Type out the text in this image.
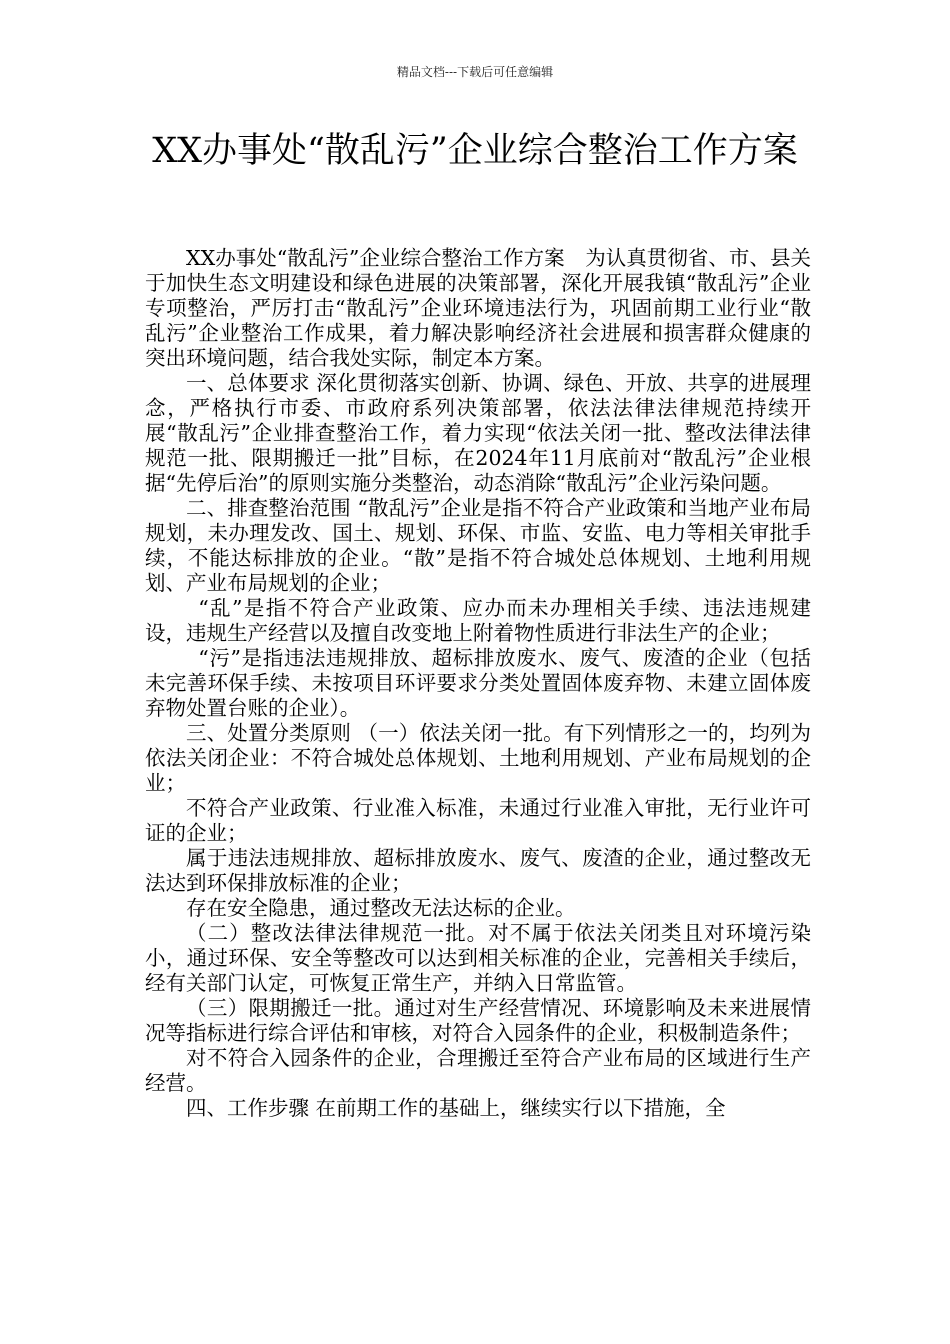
精品文档---下载后可任意编辑
XX办事处“散乱污”企业综合整治工作方案

XX办事处“散乱污”企业综合整治工作方案　为认真贯彻省、市、县关于加快生态文明建设和绿色进展的决策部署，深化开展我镇“散乱污”企业专项整治，严厉打击“散乱污”企业环境违法行为，巩固前期工业行业“散乱污”企业整治工作成果，着力解决影响经济社会进展和损害群众健康的突出环境问题，结合我处实际，制定本方案。

一、总体要求 深化贯彻落实创新、协调、绿色、开放、共享的进展理念，严格执行市委、市政府系列决策部署，依法法律法律规范持续开展“散乱污”企业排查整治工作，着力实现“依法关闭一批、整改法律法律规范一批、限期搬迁一批”目标，在2024年11月底前对“散乱污”企业根据“先停后治”的原则实施分类整治，动态消除“散乱污”企业污染问题。

二、排查整治范围 “散乱污”企业是指不符合产业政策和当地产业布局规划，未办理发改、国土、规划、环保、市监、安监、电力等相关审批手续，不能达标排放的企业。“散”是指不符合城处总体规划、土地利用规划、产业布局规划的企业；

“乱”是指不符合产业政策、应办而未办理相关手续、违法违规建设，违规生产经营以及擅自改变地上附着物性质进行非法生产的企业；

“污”是指违法违规排放、超标排放废水、废气、废渣的企业（包括未完善环保手续、未按项目环评要求分类处置固体废弃物、未建立固体废弃物处置台账的企业）。

三、处置分类原则 （一）依法关闭一批。有下列情形之一的，均列为依法关闭企业：不符合城处总体规划、土地利用规划、产业布局规划的企业；

不符合产业政策、行业准入标准，未通过行业准入审批，无行业许可证的企业；

属于违法违规排放、超标排放废水、废气、废渣的企业，通过整改无法达到环保排放标准的企业；

存在安全隐患，通过整改无法达标的企业。

（二）整改法律法律规范一批。对不属于依法关闭类且对环境污染小，通过环保、安全等整改可以达到相关标准的企业，完善相关手续后，经有关部门认定，可恢复正常生产，并纳入日常监管。

（三）限期搬迁一批。通过对生产经营情况、环境影响及未来进展情况等指标进行综合评估和审核，对符合入园条件的企业，积极制造条件；

对不符合入园条件的企业，合理搬迁至符合产业布局的区域进行生产经营。

四、工作步骤 在前期工作的基础上，继续实行以下措施，全
